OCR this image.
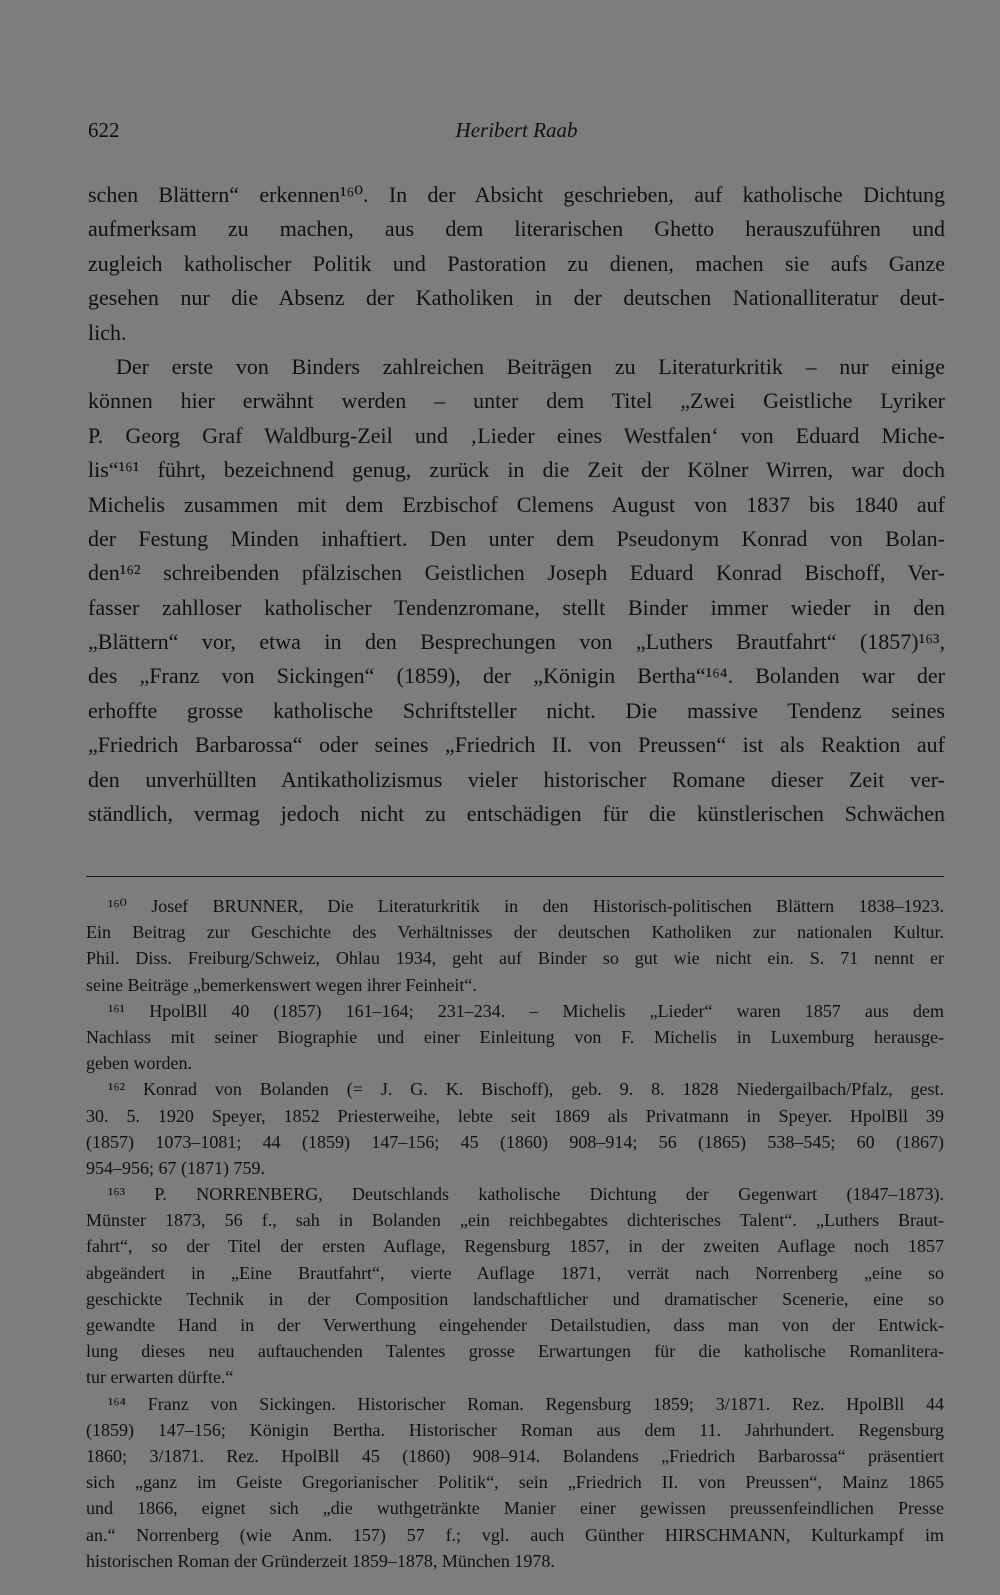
622	Heribert Raab
schen Blättern“ erkennen¹⁶⁰. In der Absicht geschrieben, auf katholische Dichtung
aufmerksam zu machen, aus dem literarischen Ghetto herauszuführen und
zugleich katholischer Politik und Pastoration zu dienen, machen sie aufs Ganze
gesehen nur die Absenz der Katholiken in der deutschen Nationalliteratur deut-
lich.
Der erste von Binders zahlreichen Beiträgen zu Literaturkritik – nur einige
können hier erwähnt werden – unter dem Titel „Zwei Geistliche Lyriker
P. Georg Graf Waldburg-Zeil und ‚Lieder eines Westfalen‘ von Eduard Miche-
lis“¹⁶¹ führt, bezeichnend genug, zurück in die Zeit der Kölner Wirren, war doch
Michelis zusammen mit dem Erzbischof Clemens August von 1837 bis 1840 auf
der Festung Minden inhaftiert. Den unter dem Pseudonym Konrad von Bolan-
den¹⁶² schreibenden pfälzischen Geistlichen Joseph Eduard Konrad Bischoff, Ver-
fasser zahlloser katholischer Tendenzromane, stellt Binder immer wieder in den
„Blättern“ vor, etwa in den Besprechungen von „Luthers Brautfahrt“ (1857)¹⁶³,
des „Franz von Sickingen“ (1859), der „Königin Bertha“¹⁶⁴. Bolanden war der
erhoffte grosse katholische Schriftsteller nicht. Die massive Tendenz seines
„Friedrich Barbarossa“ oder seines „Friedrich II. von Preussen“ ist als Reaktion auf
den unverhüllten Antikatholizismus vieler historischer Romane dieser Zeit ver-
ständlich, vermag jedoch nicht zu entschädigen für die künstlerischen Schwächen
¹⁶⁰ Josef BRUNNER, Die Literaturkritik in den Historisch-politischen Blättern 1838–1923.
Ein Beitrag zur Geschichte des Verhältnisses der deutschen Katholiken zur nationalen Kultur.
Phil. Diss. Freiburg/Schweiz, Ohlau 1934, geht auf Binder so gut wie nicht ein. S. 71 nennt er
seine Beiträge „bemerkenswert wegen ihrer Feinheit“.
¹⁶¹ HpolBll 40 (1857) 161–164; 231–234. – Michelis „Lieder“ waren 1857 aus dem
Nachlass mit seiner Biographie und einer Einleitung von F. Michelis in Luxemburg herausge-
geben worden.
¹⁶² Konrad von Bolanden (= J. G. K. Bischoff), geb. 9. 8. 1828 Niedergailbach/Pfalz, gest.
30. 5. 1920 Speyer, 1852 Priesterweihe, lebte seit 1869 als Privatmann in Speyer. HpolBll 39
(1857) 1073–1081; 44 (1859) 147–156; 45 (1860) 908–914; 56 (1865) 538–545; 60 (1867)
954–956; 67 (1871) 759.
¹⁶³ P. NORRENBERG, Deutschlands katholische Dichtung der Gegenwart (1847–1873).
Münster 1873, 56 f., sah in Bolanden „ein reichbegabtes dichterisches Talent“. „Luthers Braut-
fahrt“, so der Titel der ersten Auflage, Regensburg 1857, in der zweiten Auflage noch 1857
abgeändert in „Eine Brautfahrt“, vierte Auflage 1871, verrät nach Norrenberg „eine so
geschickte Technik in der Composition landschaftlicher und dramatischer Scenerie, eine so
gewandte Hand in der Verwerthung eingehender Detailstudien, dass man von der Entwick-
lung dieses neu auftauchenden Talentes grosse Erwartungen für die katholische Romanlitera-
tur erwarten dürfte.“
¹⁶⁴ Franz von Sickingen. Historischer Roman. Regensburg 1859; 3/1871. Rez. HpolBll 44
(1859) 147–156; Königin Bertha. Historischer Roman aus dem 11. Jahrhundert. Regensburg
1860; 3/1871. Rez. HpolBll 45 (1860) 908–914. Bolandens „Friedrich Barbarossa“ präsentiert
sich „ganz im Geiste Gregorianischer Politik“, sein „Friedrich II. von Preussen“, Mainz 1865
und 1866, eignet sich „die wuthgetränkte Manier einer gewissen preussenfeindlichen Presse
an.“ Norrenberg (wie Anm. 157) 57 f.; vgl. auch Günther HIRSCHMANN, Kulturkampf im
historischen Roman der Gründerzeit 1859–1878, München 1978.
